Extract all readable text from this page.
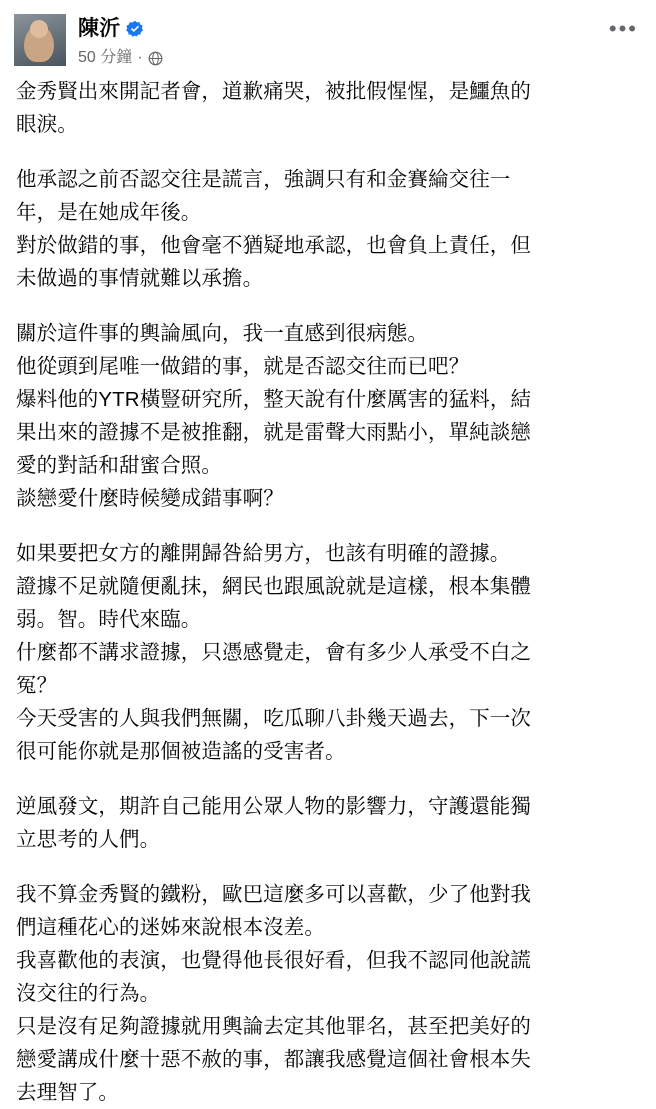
陳沂
50 分鐘 ·
•••

金秀賢出來開記者會，道歉痛哭，被批假惺惺，是鱷魚的
眼淚。

他承認之前否認交往是謊言，強調只有和金賽綸交往一
年，是在她成年後。
對於做錯的事，他會毫不猶疑地承認，也會負上責任，但
未做過的事情就難以承擔。

關於這件事的輿論風向，我一直感到很病態。
他從頭到尾唯一做錯的事，就是否認交往而已吧？
爆料他的YTR橫豎研究所，整天說有什麼厲害的猛料，結
果出來的證據不是被推翻，就是雷聲大雨點小，單純談戀
愛的對話和甜蜜合照。
談戀愛什麼時候變成錯事啊？

如果要把女方的離開歸咎給男方，也該有明確的證據。
證據不足就隨便亂抹，網民也跟風說就是這樣，根本集體
弱。智。時代來臨。
什麼都不講求證據，只憑感覺走，會有多少人承受不白之
冤？
今天受害的人與我們無關，吃瓜聊八卦幾天過去，下一次
很可能你就是那個被造謠的受害者。

逆風發文，期許自己能用公眾人物的影響力，守護還能獨
立思考的人們。

我不算金秀賢的鐵粉，歐巴這麼多可以喜歡，少了他對我
們這種花心的迷姊來說根本沒差。
我喜歡他的表演，也覺得他長很好看，但我不認同他說謊
沒交往的行為。
只是沒有足夠證據就用輿論去定其他罪名，甚至把美好的
戀愛講成什麼十惡不赦的事，都讓我感覺這個社會根本失
去理智了。
